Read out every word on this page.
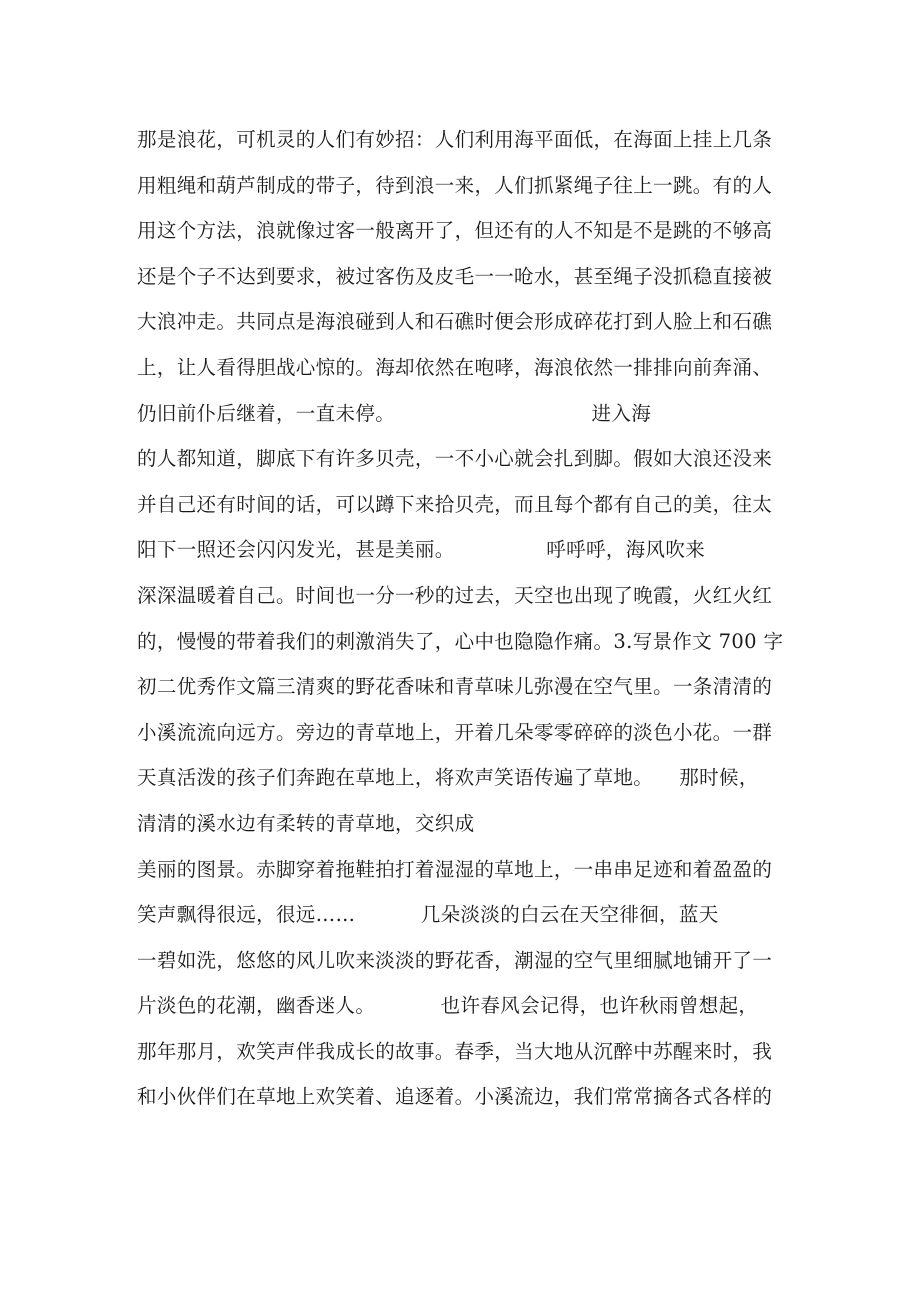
那是浪花，可机灵的人们有妙招：人们利用海平面低，在海面上挂上几条
用粗绳和葫芦制成的带子，待到浪一来，人们抓紧绳子往上一跳。有的人
用这个方法，浪就像过客一般离开了，但还有的人不知是不是跳的不够高
还是个子不达到要求，被过客伤及皮毛一一呛水，甚至绳子没抓稳直接被
大浪冲走。共同点是海浪碰到人和石礁时便会形成碎花打到人脸上和石礁
上，让人看得胆战心惊的。海却依然在咆哮，海浪依然一排排向前奔涌、
仍旧前仆后继着，一直未停。                              进入海
的人都知道，脚底下有许多贝壳，一不小心就会扎到脚。假如大浪还没来
并自己还有时间的话，可以蹲下来拾贝壳，而且每个都有自己的美，往太
阳下一照还会闪闪发光，甚是美丽。              呼呼呼，海风吹来
深深温暖着自己。时间也一分一秒的过去，天空也出现了晚霞，火红火红
的，慢慢的带着我们的刺激消失了，心中也隐隐作痛。3.写景作文 700 字
初二优秀作文篇三清爽的野花香味和青草味儿弥漫在空气里。一条清清的
小溪流流向远方。旁边的青草地上，开着几朵零零碎碎的淡色小花。一群
天真活泼的孩子们奔跑在草地上，将欢声笑语传遍了草地。    那时候，
清清的溪水边有柔转的青草地，交织成
美丽的图景。赤脚穿着拖鞋拍打着湿湿的草地上，一串串足迹和着盈盈的
笑声飘得很远，很远……          几朵淡淡的白云在天空徘徊，蓝天
一碧如洗，悠悠的风儿吹来淡淡的野花香，潮湿的空气里细腻地铺开了一
片淡色的花潮，幽香迷人。          也许春风会记得，也许秋雨曾想起，
那年那月，欢笑声伴我成长的故事。春季，当大地从沉醉中苏醒来时，我
和小伙伴们在草地上欢笑着、追逐着。小溪流边，我们常常摘各式各样的
